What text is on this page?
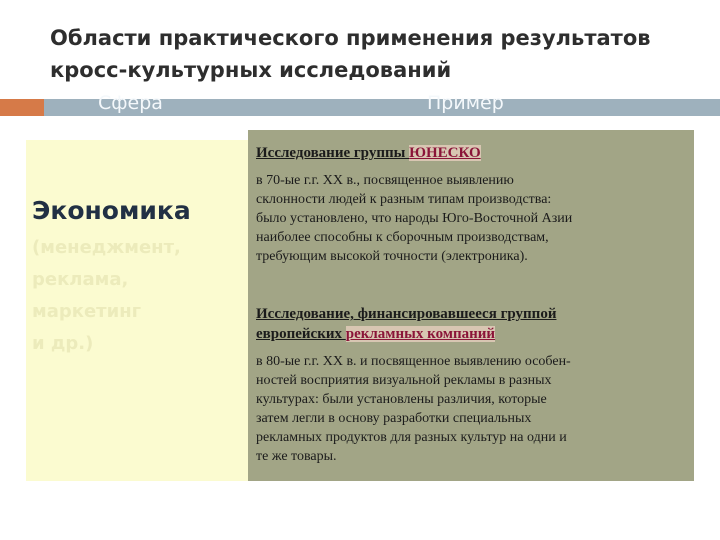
Области практического применения результатов
кросс-культурных исследований
Сфера	Пример
Экономика
(менеджмент,
реклама,
маркетинг
и др.)
Исследование группы ЮНЕСКО
в 70-ые г.г. XX в., посвященное выявлению
склонности людей к разным типам производства:
было установлено, что народы Юго-Восточной Азии
наиболее способны к сборочным производствам,
требующим высокой точности (электроника).
Исследование, финансировавшееся группой
европейских рекламных компаний
в 80-ые г.г. XX в. и посвященное выявлению особен-
ностей восприятия визуальной рекламы в разных
культурах: были установлены различия, которые
затем легли в основу разработки специальных
рекламных продуктов для разных культур на одни и
те же товары.
